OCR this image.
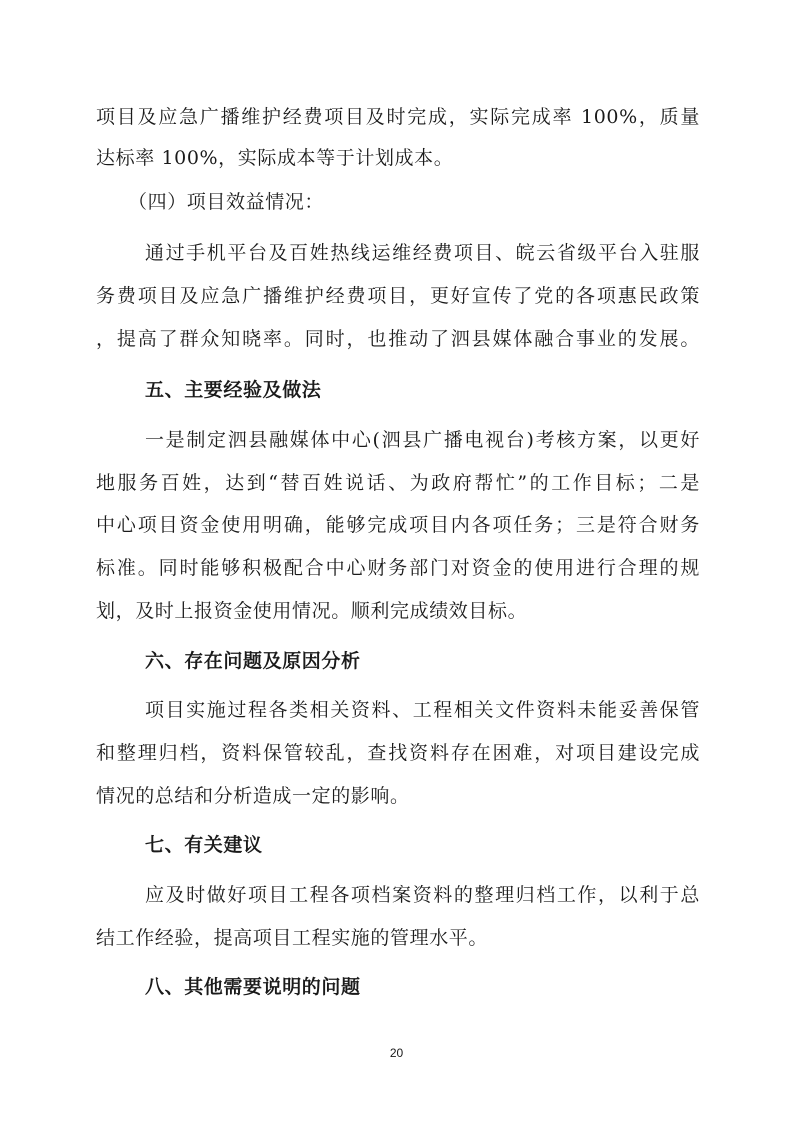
项目及应急广播维护经费项目及时完成，实际完成率 100%，质量
达标率 100%，实际成本等于计划成本。
（四）项目效益情况：
通过手机平台及百姓热线运维经费项目、皖云省级平台入驻服
务费项目及应急广播维护经费项目，更好宣传了党的各项惠民政策
，提高了群众知晓率。同时，也推动了泗县媒体融合事业的发展。
五、主要经验及做法
一是制定泗县融媒体中心(泗县广播电视台)考核方案，以更好
地服务百姓，达到“替百姓说话、为政府帮忙”的工作目标；二是
中心项目资金使用明确，能够完成项目内各项任务；三是符合财务
标准。同时能够积极配合中心财务部门对资金的使用进行合理的规
划，及时上报资金使用情况。顺利完成绩效目标。
六、存在问题及原因分析
项目实施过程各类相关资料、工程相关文件资料未能妥善保管
和整理归档，资料保管较乱，查找资料存在困难，对项目建设完成
情况的总结和分析造成一定的影响。
七、有关建议
应及时做好项目工程各项档案资料的整理归档工作，以利于总
结工作经验，提高项目工程实施的管理水平。
八、其他需要说明的问题
20
